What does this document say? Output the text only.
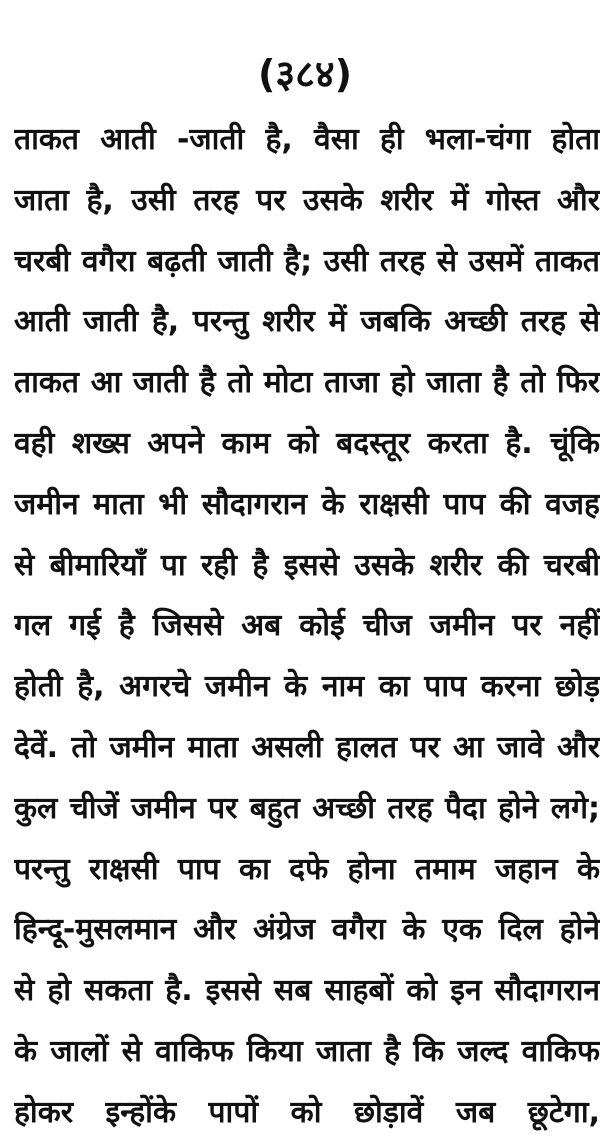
(३८४)
ताकत आती -जाती है, वैसा ही भला-चंगा होता
जाता है, उसी तरह पर उसके शरीर में गोस्त और
चरबी वगैरा बढ़ती जाती है; उसी तरह से उसमें ताकत
आती जाती है, परन्तु शरीर में जबकि अच्छी तरह से
ताकत आ जाती है तो मोटा ताजा हो जाता है तो फिर
वही शख्स अपने काम को बदस्तूर करता है. चूंकि
जमीन माता भी सौदागरान के राक्षसी पाप की वजह
से बीमारियाँ पा रही है इससे उसके शरीर की चरबी
गल गई है जिससे अब कोई चीज जमीन पर नहीं
होती है, अगरचे जमीन के नाम का पाप करना छोड़
देवें. तो जमीन माता असली हालत पर आ जावे और
कुल चीजें जमीन पर बहुत अच्छी तरह पैदा होने लगे;
परन्तु राक्षसी पाप का दफे होना तमाम जहान के
हिन्दू-मुसलमान और अंग्रेज वगैरा के एक दिल होने
से हो सकता है. इससे सब साहबों को इन सौदागरान
के जालों से वाकिफ किया जाता है कि जल्द वाकिफ
होकर इन्होंके पापों को छोड़ावें जब छूटेगा,
